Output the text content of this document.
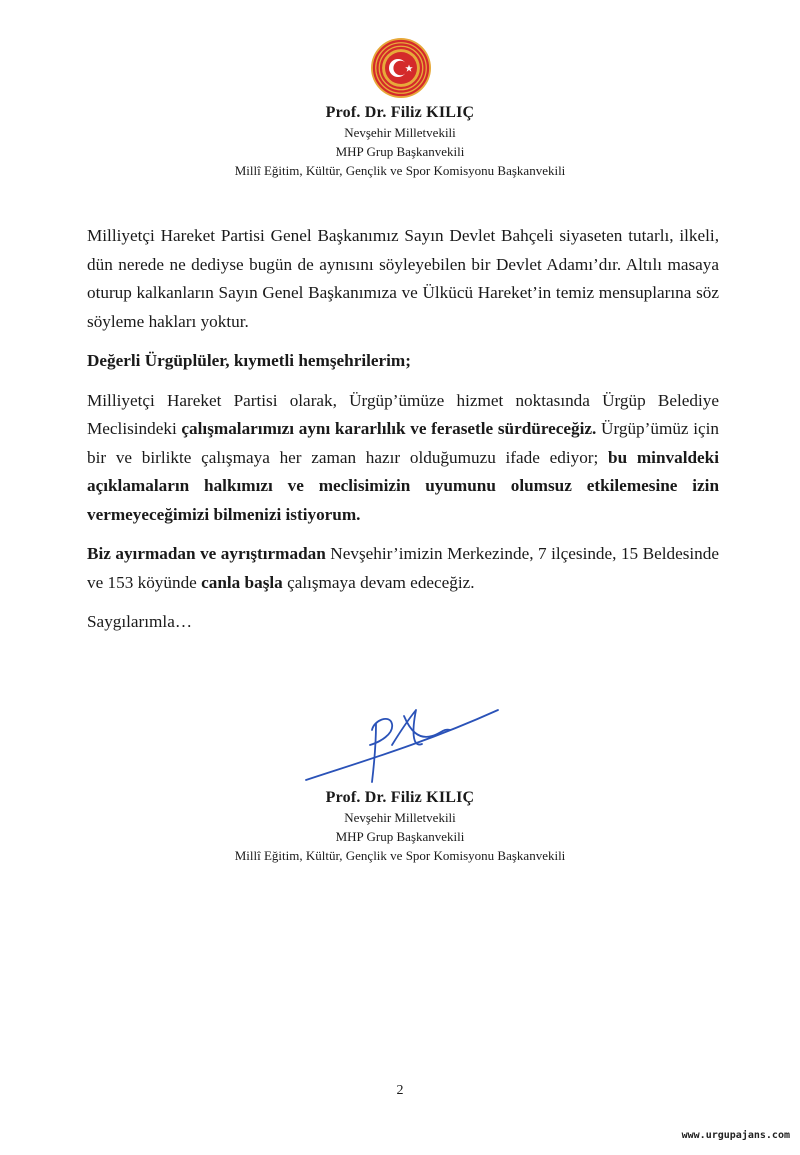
Prof. Dr. Filiz KILIÇ
Nevşehir Milletvekili
MHP Grup Başkanvekili
Millî Eğitim, Kültür, Gençlik ve Spor Komisyonu Başkanvekili

Milliyetçi Hareket Partisi Genel Başkanımız Sayın Devlet Bahçeli siyaseten tutarlı, ilkeli, dün nerede ne dediyse bugün de aynısını söyleyebilen bir Devlet Adamı’dır. Altılı masaya oturup kalkanların Sayın Genel Başkanımıza ve Ülkücü Hareket’in temiz mensuplarına söz söyleme hakları yoktur.

Değerli Ürgüplüler, kıymetli hemşehrilerim;

Milliyetçi Hareket Partisi olarak, Ürgüp’ümüze hizmet noktasında Ürgüp Belediye Meclisindeki çalışmalarımızı aynı kararlılık ve ferasetle sürdüreceğiz. Ürgüp’ümüz için bir ve birlikte çalışmaya her zaman hazır olduğumuzu ifade ediyor; bu minvaldeki açıklamaların halkımızı ve meclisimizin uyumunu olumsuz etkilemesine izin vermeyeceğimizi bilmenizi istiyorum.

Biz ayırmadan ve ayrıştırmadan Nevşehir’imizin Merkezinde, 7 ilçesinde, 15 Beldesinde ve 153 köyünde canla başla çalışmaya devam edeceğiz.

Saygılarımla…

Prof. Dr. Filiz KILIÇ
Nevşehir Milletvekili
MHP Grup Başkanvekili
Millî Eğitim, Kültür, Gençlik ve Spor Komisyonu Başkanvekili
2
www.urgupajans.com
